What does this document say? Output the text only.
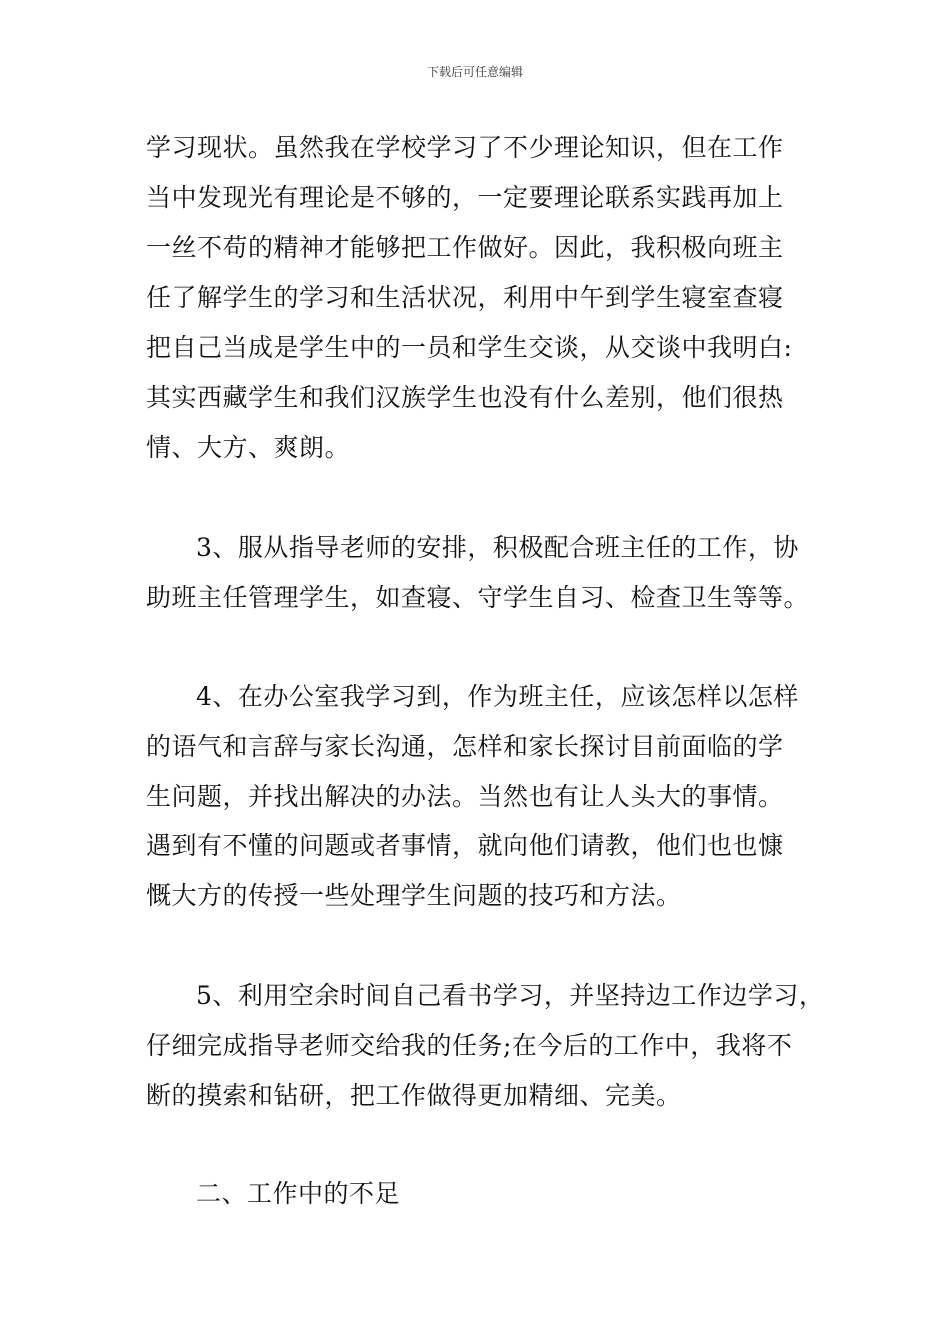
下载后可任意编辑
学习现状。虽然我在学校学习了不少理论知识，但在工作
当中发现光有理论是不够的，一定要理论联系实践再加上
一丝不苟的精神才能够把工作做好。因此，我积极向班主
任了解学生的学习和生活状况，利用中午到学生寝室查寝
把自己当成是学生中的一员和学生交谈，从交谈中我明白:
其实西藏学生和我们汉族学生也没有什么差别，他们很热
情、大方、爽朗。
3、服从指导老师的安排，积极配合班主任的工作，协
助班主任管理学生，如查寝、守学生自习、检查卫生等等。
4、在办公室我学习到，作为班主任，应该怎样以怎样
的语气和言辞与家长沟通，怎样和家长探讨目前面临的学
生问题，并找出解决的办法。当然也有让人头大的事情。
遇到有不懂的问题或者事情，就向他们请教，他们也也慷
慨大方的传授一些处理学生问题的技巧和方法。
5、利用空余时间自己看书学习，并坚持边工作边学习，
仔细完成指导老师交给我的任务;在今后的工作中，我将不
断的摸索和钻研，把工作做得更加精细、完美。
二、工作中的不足
